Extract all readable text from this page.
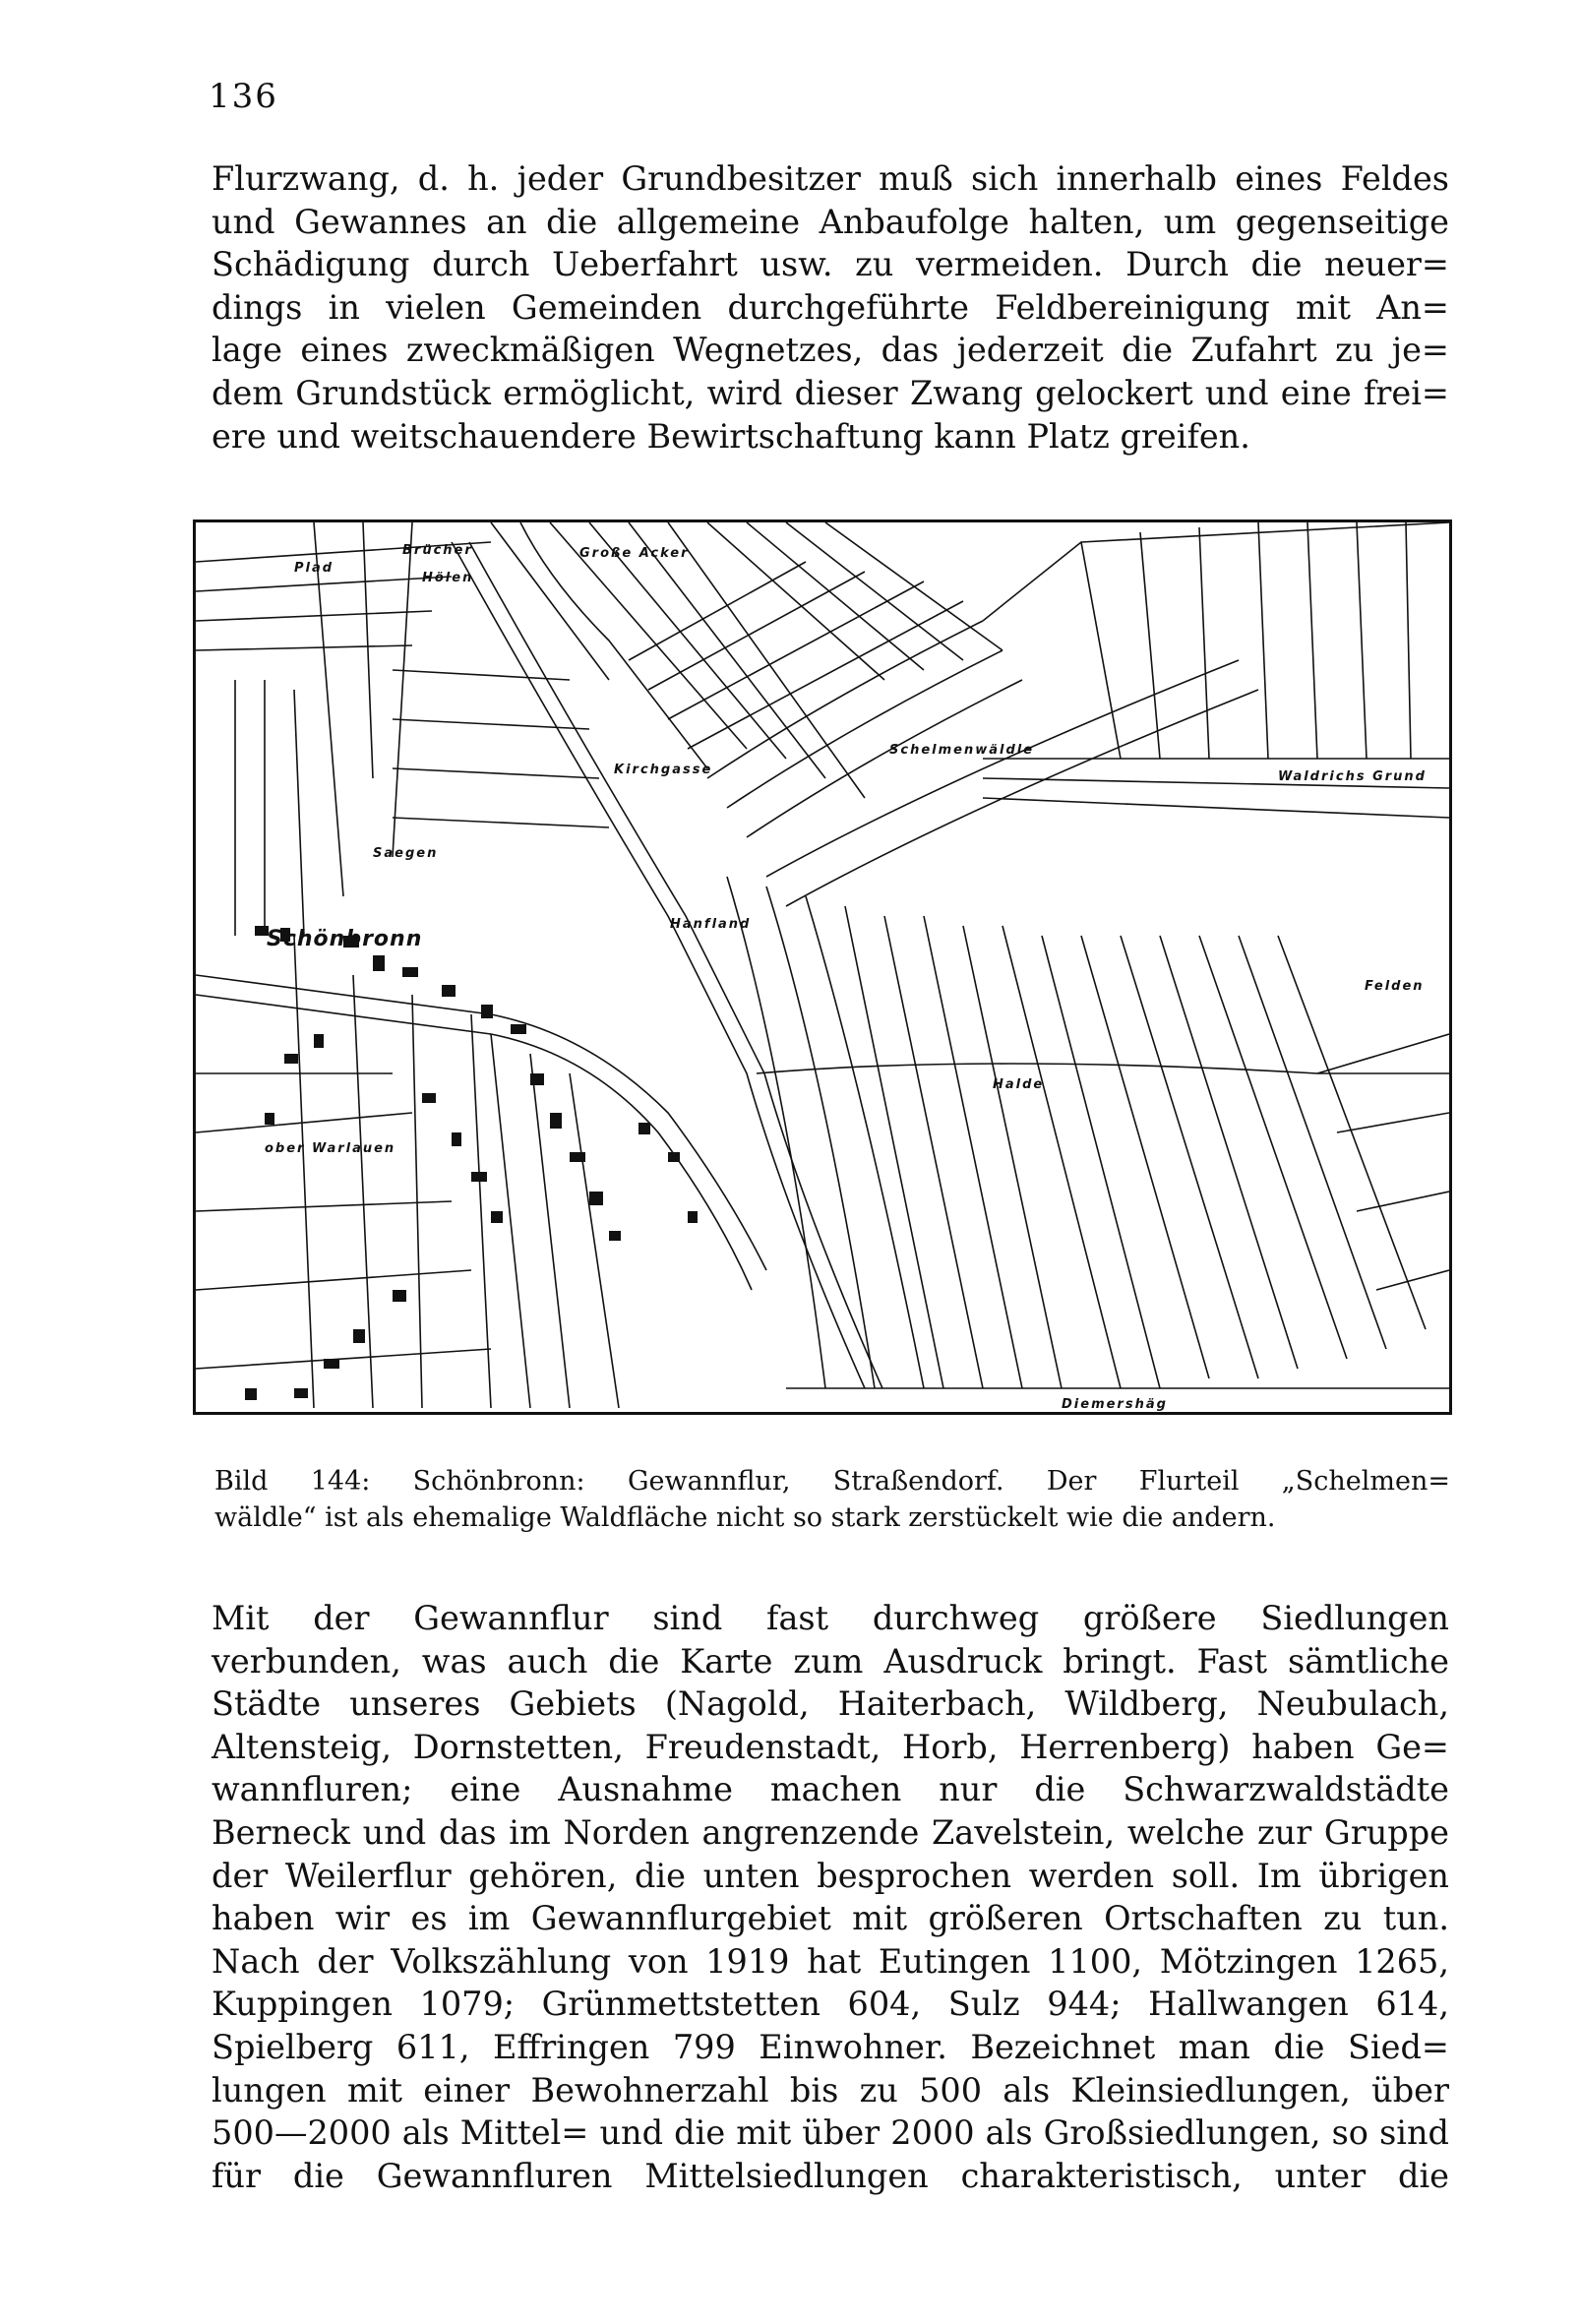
136
Flurzwang, d. h. jeder Grundbesitzer muß sich innerhalb eines Feldes
und Gewannes an die allgemeine Anbaufolge halten, um gegenseitige
Schädigung durch Ueberfahrt usw. zu vermeiden. Durch die neuer=
dings in vielen Gemeinden durchgeführte Feldbereinigung mit An=
lage eines zweckmäßigen Wegnetzes, das jederzeit die Zufahrt zu je=
dem Grundstück ermöglicht, wird dieser Zwang gelockert und eine frei=
ere und weitschauendere Bewirtschaftung kann Platz greifen.
Plad
Brücher
Hölen
Große Acker
Kirchgasse
Schelmenwäldle
Waldrichs Grund
Saegen
Schönbronn
Hanfland
Felden
Halde
ober Warlauen
Diemershäg
Bild 144: Schönbronn: Gewannflur, Straßendorf. Der Flurteil „Schelmen=
wäldle“ ist als ehemalige Waldfläche nicht so stark zerstückelt wie die andern.
Mit der Gewannflur sind fast durchweg größere Siedlungen
verbunden, was auch die Karte zum Ausdruck bringt. Fast sämtliche
Städte unseres Gebiets (Nagold, Haiterbach, Wildberg, Neubulach,
Altensteig, Dornstetten, Freudenstadt, Horb, Herrenberg) haben Ge=
wannfluren; eine Ausnahme machen nur die Schwarzwaldstädte
Berneck und das im Norden angrenzende Zavelstein, welche zur Gruppe
der Weilerflur gehören, die unten besprochen werden soll. Im übrigen
haben wir es im Gewannflurgebiet mit größeren Ortschaften zu tun.
Nach der Volkszählung von 1919 hat Eutingen 1100, Mötzingen 1265,
Kuppingen 1079; Grünmettstetten 604, Sulz 944; Hallwangen 614,
Spielberg 611, Effringen 799 Einwohner. Bezeichnet man die Sied=
lungen mit einer Bewohnerzahl bis zu 500 als Kleinsiedlungen, über
500—2000 als Mittel= und die mit über 2000 als Großsiedlungen, so sind
für die Gewannfluren Mittelsiedlungen charakteristisch, unter die
